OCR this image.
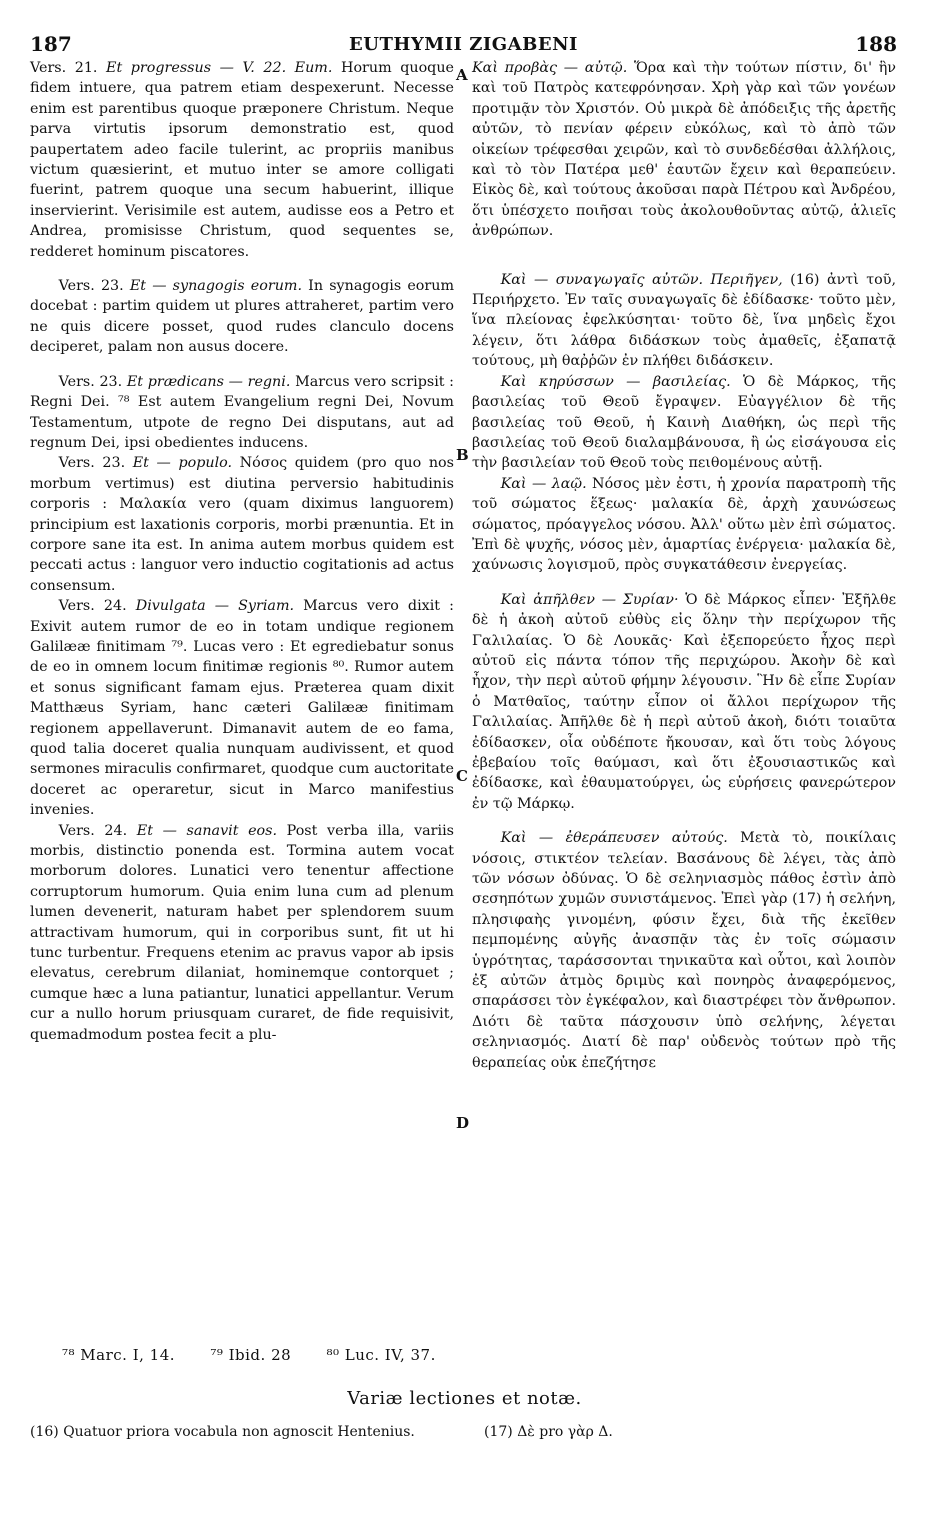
187	EUTHYMII ZIGABENI	188

Vers. 21. Et progressus — V. 22. Eum. Horum quoque fidem intuere, qua patrem etiam despexerunt. Necesse enim est parentibus quoque præponere Christum. Neque parva virtutis ipsorum demonstratio est, quod paupertatem adeo facile tulerint, ac propriis manibus victum quæsierint, et mutuo inter se amore colligati fuerint, patrem quoque una secum habuerint, illique inservierint. Verisimile est autem, audisse eos a Petro et Andrea, promisisse Christum, quod sequentes se, redderet hominum piscatores.

Vers. 23. Et — synagogis eorum. In synagogis eorum docebat : partim quidem ut plures attraheret, partim vero ne quis dicere posset, quod rudes clanculo docens deciperet, palam non ausus docere.

Vers. 23. Et prædicans — regni. Marcus vero scripsit : Regni Dei. ⁷⁸ Est autem Evangelium regni Dei, Novum Testamentum, utpote de regno Dei disputans, aut ad regnum Dei, ipsi obedientes inducens.

Vers. 23. Et — populo. Νόσος quidem (pro quo nos morbum vertimus) est diutina perversio habitudinis corporis : Μαλακία vero (quam diximus languorem) principium est laxationis corporis, morbi prænuntia. Et in corpore sane ita est. In anima autem morbus quidem est peccati actus : languor vero inductio cogitationis ad actus consensum.

Vers. 24. Divulgata — Syriam. Marcus vero dixit : Exivit autem rumor de eo in totam undique regionem Galilææ finitimam ⁷⁹. Lucas vero : Et egrediebatur sonus de eo in omnem locum finitimæ regionis ⁸⁰. Rumor autem et sonus significant famam ejus. Præterea quam dixit Matthæus Syriam, hanc cæteri Galilææ finitimam regionem appellaverunt. Dimanavit autem de eo fama, quod talia doceret qualia nunquam audivissent, et quod sermones miraculis confirmaret, quodque cum auctoritate doceret ac operaretur, sicut in Marco manifestius invenies.

Vers. 24. Et — sanavit eos. Post verba illa, variis morbis, distinctio ponenda est. Tormina autem vocat morborum dolores. Lunatici vero tenentur affectione corruptorum humorum. Quia enim luna cum ad plenum lumen devenerit, naturam habet per splendorem suum attractivam humorum, qui in corporibus sunt, fit ut hi tunc turbentur. Frequens etenim ac pravus vapor ab ipsis elevatus, cerebrum dilaniat, hominemque contorquet ; cumque hæc a luna patiantur, lunatici appellantur. Verum cur a nullo horum priusquam curaret, de fide requisivit, quemadmodum postea fecit a plu-

Καὶ προβὰς — αὐτῷ. Ὅρα καὶ τὴν τούτων πίστιν, δι' ἣν καὶ τοῦ Πατρὸς κατεφρόνησαν. Χρὴ γὰρ καὶ τῶν γονέων προτιμᾷν τὸν Χριστόν. Οὐ μικρὰ δὲ ἀπόδειξις τῆς ἀρετῆς αὐτῶν, τὸ πενίαν φέρειν εὐκόλως, καὶ τὸ ἀπὸ τῶν οἰκείων τρέφεσθαι χειρῶν, καὶ τὸ συνδεδέσθαι ἀλλήλοις, καὶ τὸ τὸν Πατέρα μεθ' ἑαυτῶν ἔχειν καὶ θεραπεύειν. Εἰκὸς δὲ, καὶ τούτους ἀκοῦσαι παρὰ Πέτρου καὶ Ἀνδρέου, ὅτι ὑπέσχετο ποιῆσαι τοὺς ἀκολουθοῦντας αὐτῷ, ἁλιεῖς ἀνθρώπων.

Καὶ — συναγωγαῖς αὐτῶν. Περιῆγεν, (16) ἀντὶ τοῦ, Περιήρχετο. Ἐν ταῖς συναγωγαῖς δὲ ἐδίδασκε· τοῦτο μὲν, ἵνα πλείονας ἐφελκύσηται· τοῦτο δὲ, ἵνα μηδεὶς ἔχοι λέγειν, ὅτι λάθρα διδάσκων τοὺς ἀμαθεῖς, ἐξαπατᾷ τούτους, μὴ θαῤῥῶν ἐν πλήθει διδάσκειν.

Καὶ κηρύσσων — βασιλείας. Ὁ δὲ Μάρκος, τῆς βασιλείας τοῦ Θεοῦ ἔγραψεν. Εὐαγγέλιον δὲ τῆς βασιλείας τοῦ Θεοῦ, ἡ Καινὴ Διαθήκη, ὡς περὶ τῆς βασιλείας τοῦ Θεοῦ διαλαμβάνουσα, ἢ ὡς εἰσάγουσα εἰς τὴν βασιλείαν τοῦ Θεοῦ τοὺς πειθομένους αὐτῇ.

Καὶ — λαῷ. Νόσος μὲν ἐστι, ἡ χρονία παρατροπὴ τῆς τοῦ σώματος ἕξεως· μαλακία δὲ, ἀρχὴ χαυνώσεως σώματος, πρόαγγελος νόσου. Ἀλλ' οὕτω μὲν ἐπὶ σώματος. Ἐπὶ δὲ ψυχῆς, νόσος μὲν, ἁμαρτίας ἐνέργεια· μαλακία δὲ, χαύνωσις λογισμοῦ, πρὸς συγκατάθεσιν ἐνεργείας.

Καὶ ἀπῆλθεν — Συρίαν· Ὁ δὲ Μάρκος εἶπεν· Ἐξῆλθε δὲ ἡ ἀκοὴ αὐτοῦ εὐθὺς εἰς ὅλην τὴν περίχωρον τῆς Γαλιλαίας. Ὁ δὲ Λουκᾶς· Καὶ ἐξεπορεύετο ἦχος περὶ αὐτοῦ εἰς πάντα τόπον τῆς περιχώρου. Ἀκοὴν δὲ καὶ ἦχον, τὴν περὶ αὐτοῦ φήμην λέγουσιν. Ἣν δὲ εἶπε Συρίαν ὁ Ματθαῖος, ταύτην εἶπον οἱ ἄλλοι περίχωρον τῆς Γαλιλαίας. Ἀπῆλθε δὲ ἡ περὶ αὐτοῦ ἀκοὴ, διότι τοιαῦτα ἐδίδασκεν, οἷα οὐδέποτε ἤκουσαν, καὶ ὅτι τοὺς λόγους ἐβεβαίου τοῖς θαύμασι, καὶ ὅτι ἐξουσιαστικῶς καὶ ἐδίδασκε, καὶ ἐθαυματούργει, ὡς εὑρήσεις φανερώτερον ἐν τῷ Μάρκῳ.

Καὶ — ἐθεράπευσεν αὐτούς. Μετὰ τὸ, ποικίλαις νόσοις, στικτέον τελείαν. Βασάνους δὲ λέγει, τὰς ἀπὸ τῶν νόσων ὀδύνας. Ὁ δὲ σεληνιασμὸς πάθος ἐστὶν ἀπὸ σεσηπότων χυμῶν συνιστάμενος. Ἐπεὶ γὰρ (17) ἡ σελήνη, πλησιφαὴς γινομένη, φύσιν ἔχει, διὰ τῆς ἐκεῖθεν πεμπομένης αὐγῆς ἀνασπᾷν τὰς ἐν τοῖς σώμασιν ὑγρότητας, ταράσσονται τηνικαῦτα καὶ οὗτοι, καὶ λοιπὸν ἐξ αὐτῶν ἀτμὸς δριμὺς καὶ πονηρὸς ἀναφερόμενος, σπαράσσει τὸν ἐγκέφαλον, καὶ διαστρέφει τὸν ἄνθρωπον. Διότι δὲ ταῦτα πάσχουσιν ὑπὸ σελήνης, λέγεται σεληνιασμός. Διατί δὲ παρ' οὐδενὸς τούτων πρὸ τῆς θεραπείας οὐκ ἐπεζήτησε

A
B
C
D
⁷⁸ Marc. I, 14. ⁷⁹ Ibid. 28 ⁸⁰ Luc. IV, 37.
Variæ lectiones et notæ.
(16) Quatuor priora vocabula non agnoscit Hentenius.	(17) Δὲ pro γὰρ Δ.
